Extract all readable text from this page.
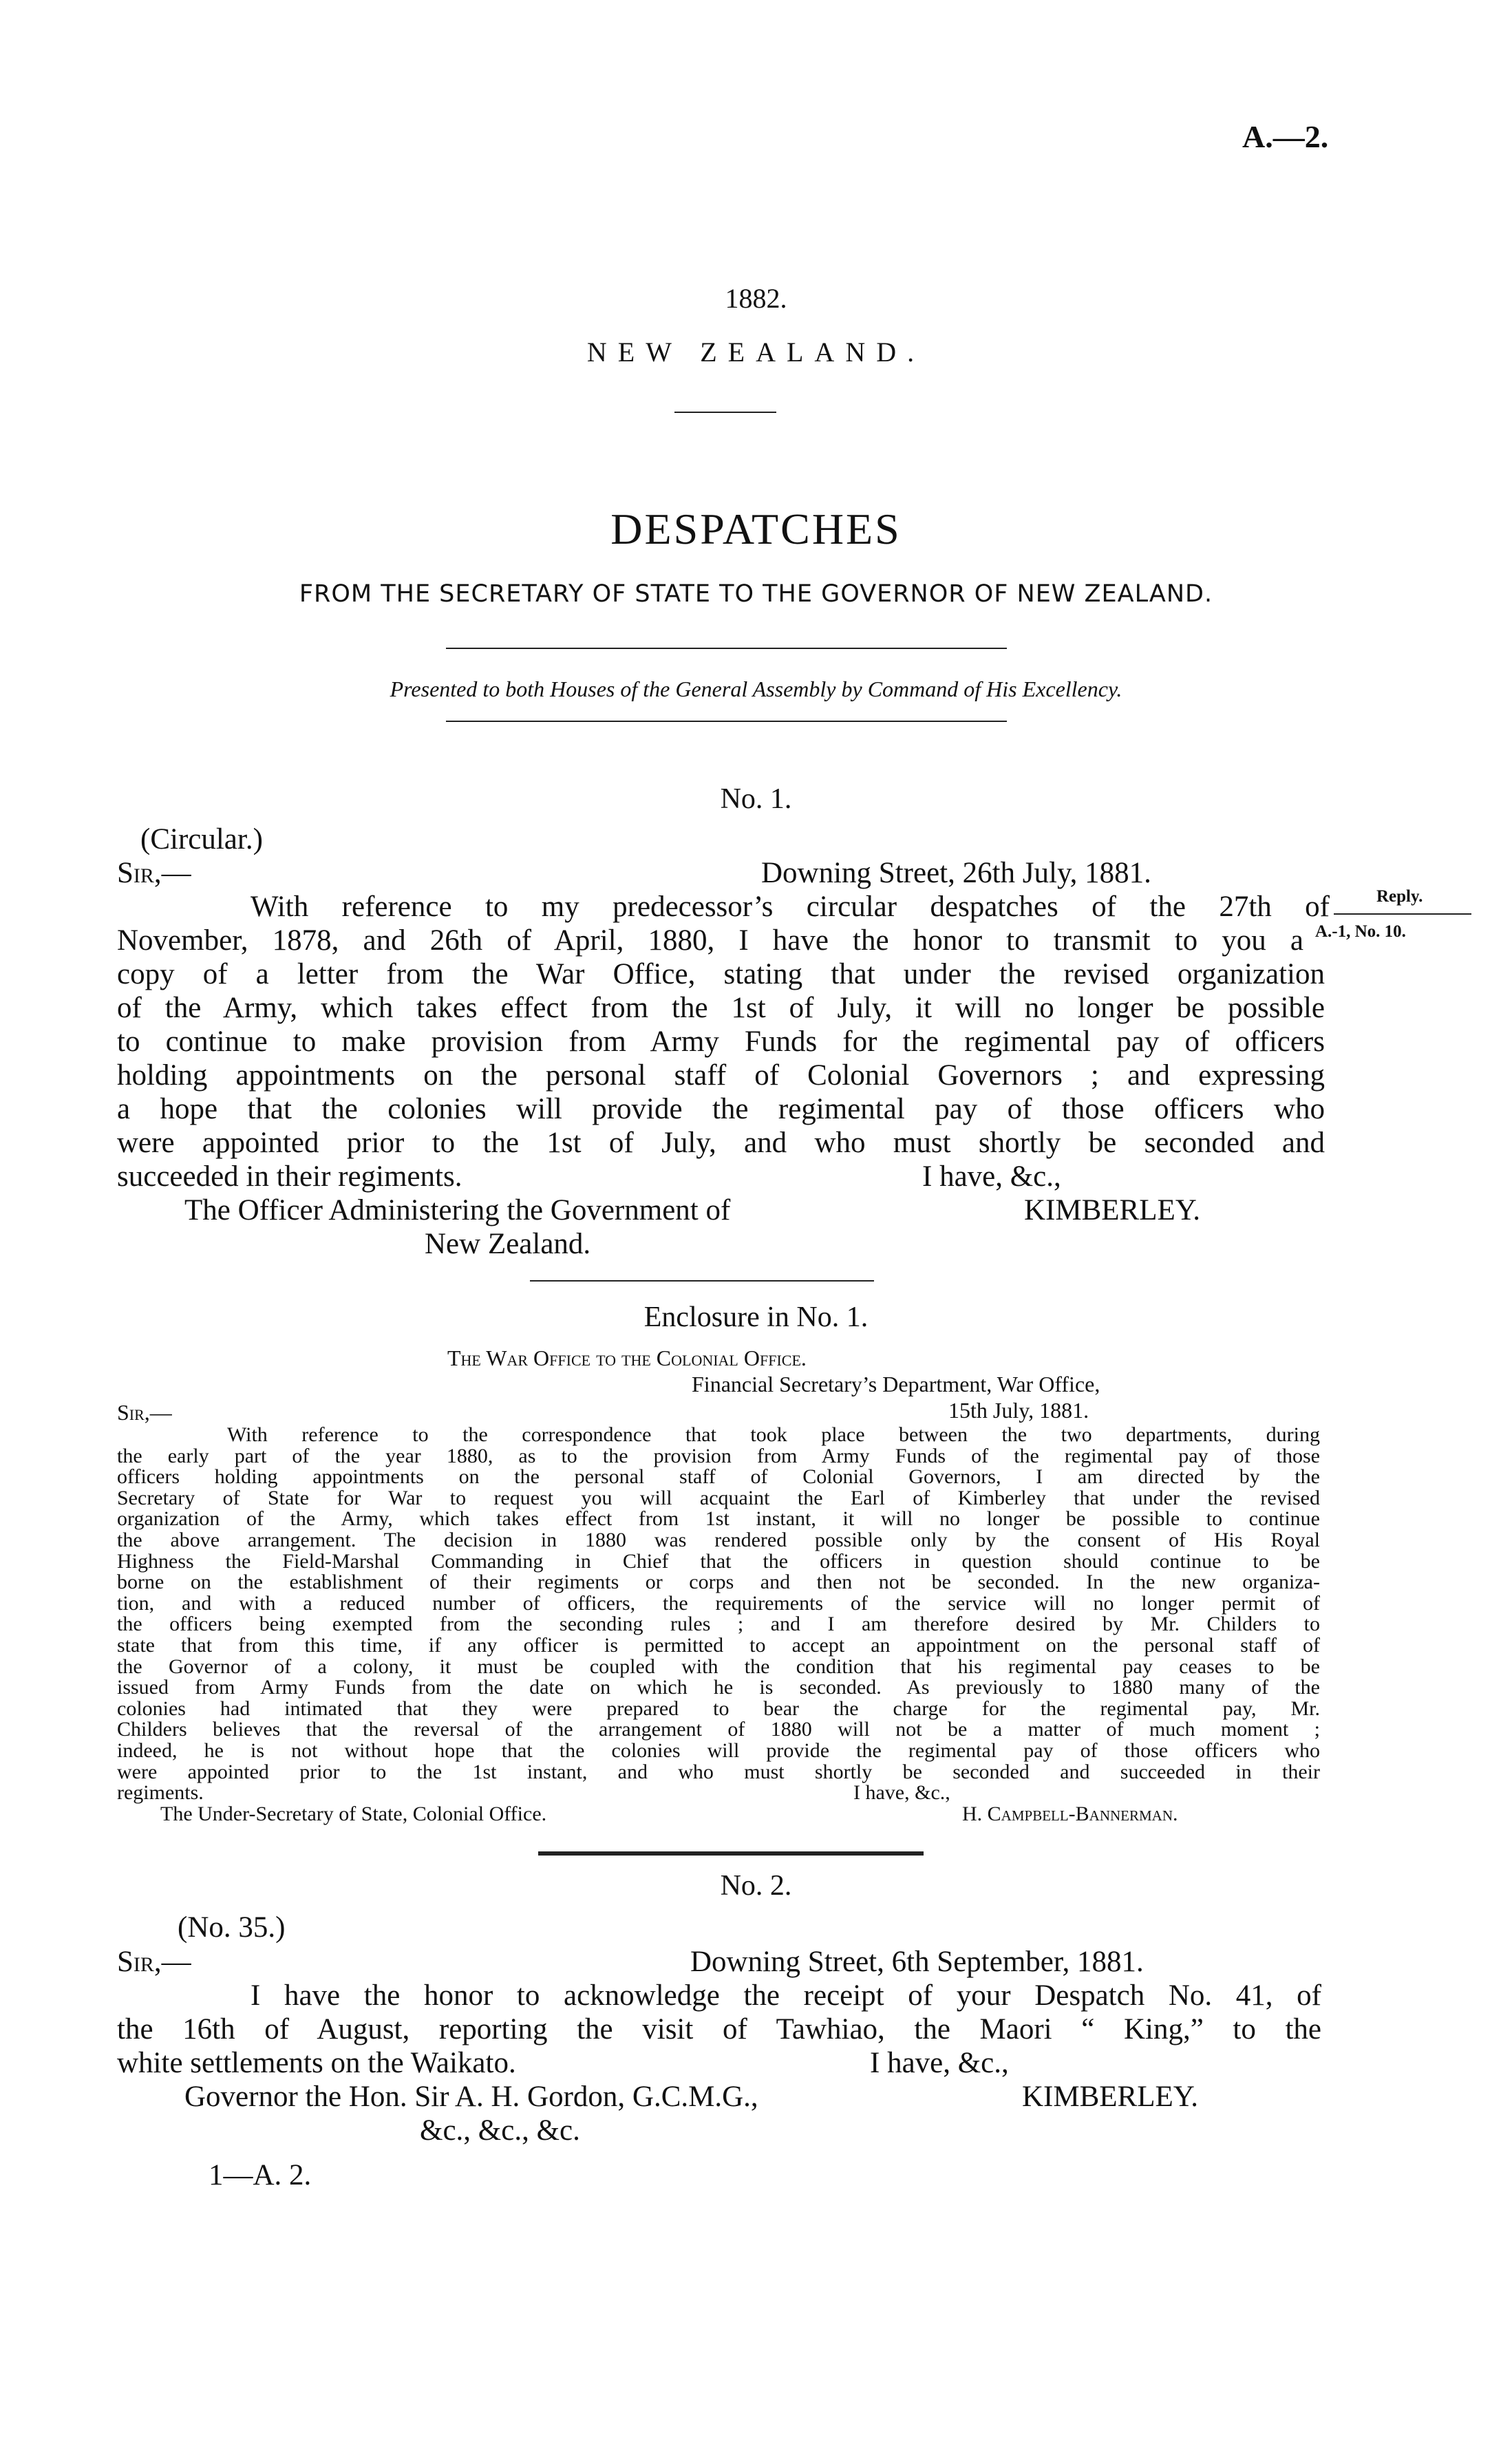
A.—2.
1882.
NEW ZEALAND.
DESPATCHES
FROM THE SECRETARY OF STATE TO THE GOVERNOR OF NEW ZEALAND.
Presented to both Houses of the General Assembly by Command of His Excellency.
No. 1.
(Circular.)
Sir,—	Downing Street, 26th July, 1881.
Reply.
A.-1, No. 10.
With reference to my predecessor’s circular despatches of the 27th of
November, 1878, and 26th of April, 1880, I have the honor to transmit to you a
copy of a letter from the War Office, stating that under the revised organization
of the Army, which takes effect from the 1st of July, it will no longer be possible
to continue to make provision from Army Funds for the regimental pay of officers
holding appointments on the personal staff of Colonial Governors ; and expressing
a hope that the colonies will provide the regimental pay of those officers who
were appointed prior to the 1st of July, and who must shortly be seconded and
succeeded in their regiments.	I have, &c.,
The Officer Administering the Government of	KIMBERLEY.
New Zealand.
Enclosure in No. 1.
The War Office to the Colonial Office.
Financial Secretary’s Department, War Office,
Sir,—	15th July, 1881.
With reference to the correspondence that took place between the two departments, during
the early part of the year 1880, as to the provision from Army Funds of the regimental pay of those
officers holding appointments on the personal staff of Colonial Governors, I am directed by the
Secretary of State for War to request you will acquaint the Earl of Kimberley that under the revised
organization of the Army, which takes effect from 1st instant, it will no longer be possible to continue
the above arrangement. The decision in 1880 was rendered possible only by the consent of His Royal
Highness the Field-Marshal Commanding in Chief that the officers in question should continue to be
borne on the establishment of their regiments or corps and then not be seconded. In the new organiza-
tion, and with a reduced number of officers, the requirements of the service will no longer permit of
the officers being exempted from the seconding rules ; and I am therefore desired by Mr. Childers to
state that from this time, if any officer is permitted to accept an appointment on the personal staff of
the Governor of a colony, it must be coupled with the condition that his regimental pay ceases to be
issued from Army Funds from the date on which he is seconded. As previously to 1880 many of the
colonies had intimated that they were prepared to bear the charge for the regimental pay, Mr.
Childers believes that the reversal of the arrangement of 1880 will not be a matter of much moment ;
indeed, he is not without hope that the colonies will provide the regimental pay of those officers who
were appointed prior to the 1st instant, and who must shortly be seconded and succeeded in their
regiments.	I have, &c.,
The Under-Secretary of State, Colonial Office.	H. Campbell-Bannerman.
No. 2.
(No. 35.)
Sir,—	Downing Street, 6th September, 1881.
I have the honor to acknowledge the receipt of your Despatch No. 41, of
the 16th of August, reporting the visit of Tawhiao, the Maori “ King,” to the
white settlements on the Waikato.	I have, &c.,
Governor the Hon. Sir A. H. Gordon, G.C.M.G.,	KIMBERLEY.
&c., &c., &c.
1—A. 2.
